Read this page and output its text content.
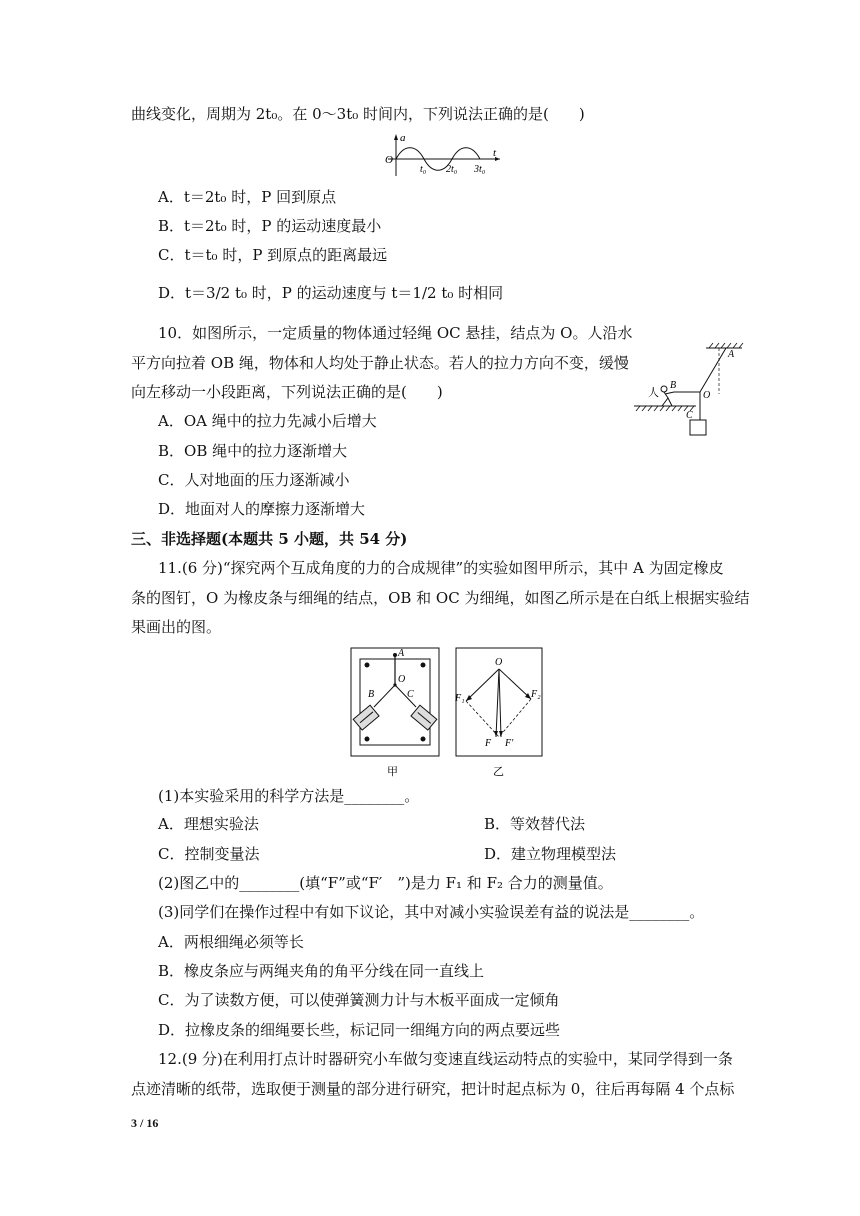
曲线变化，周期为 2t₀。在 0～3t₀ 时间内，下列说法正确的是(　　)
a
t
O
t₀ 2t₀ 3t₀
A．t＝2t₀ 时，P 回到原点
B．t＝2t₀ 时，P 的运动速度最小
C．t＝t₀ 时，P 到原点的距离最远
D．t＝3/2 t₀ 时，P 的运动速度与 t＝1/2 t₀ 时相同
10．如图所示，一定质量的物体通过轻绳 OC 悬挂，结点为 O。人沿水
平方向拉着 OB 绳，物体和人均处于静止状态。若人的拉力方向不变，缓慢
向左移动一小段距离，下列说法正确的是(　　)
A．OA 绳中的拉力先减小后增大
B．OB 绳中的拉力逐渐增大
C．人对地面的压力逐渐减小
D．地面对人的摩擦力逐渐增大
A
B
O
C
人
三、非选择题(本题共 5 小题，共 54 分)
11.(6 分)“探究两个互成角度的力的合成规律”的实验如图甲所示，其中 A 为固定橡皮
条的图钉，O 为橡皮条与细绳的结点，OB 和 OC 为细绳，如图乙所示是在白纸上根据实验结
果画出的图。
A
B	C
O
甲
O
F₁	F₂
F F′
乙
(1)本实验采用的科学方法是________。
A．理想实验法	B．等效替代法
C．控制变量法	D．建立物理模型法
(2)图乙中的________(填“F”或“F′　”)是力 F₁ 和 F₂ 合力的测量值。
(3)同学们在操作过程中有如下议论，其中对减小实验误差有益的说法是________。
A．两根细绳必须等长
B．橡皮条应与两绳夹角的角平分线在同一直线上
C．为了读数方便，可以使弹簧测力计与木板平面成一定倾角
D．拉橡皮条的细绳要长些，标记同一细绳方向的两点要远些
12.(9 分)在利用打点计时器研究小车做匀变速直线运动特点的实验中，某同学得到一条
点迹清晰的纸带，选取便于测量的部分进行研究，把计时起点标为 0，往后再每隔 4 个点标
3 / 16
